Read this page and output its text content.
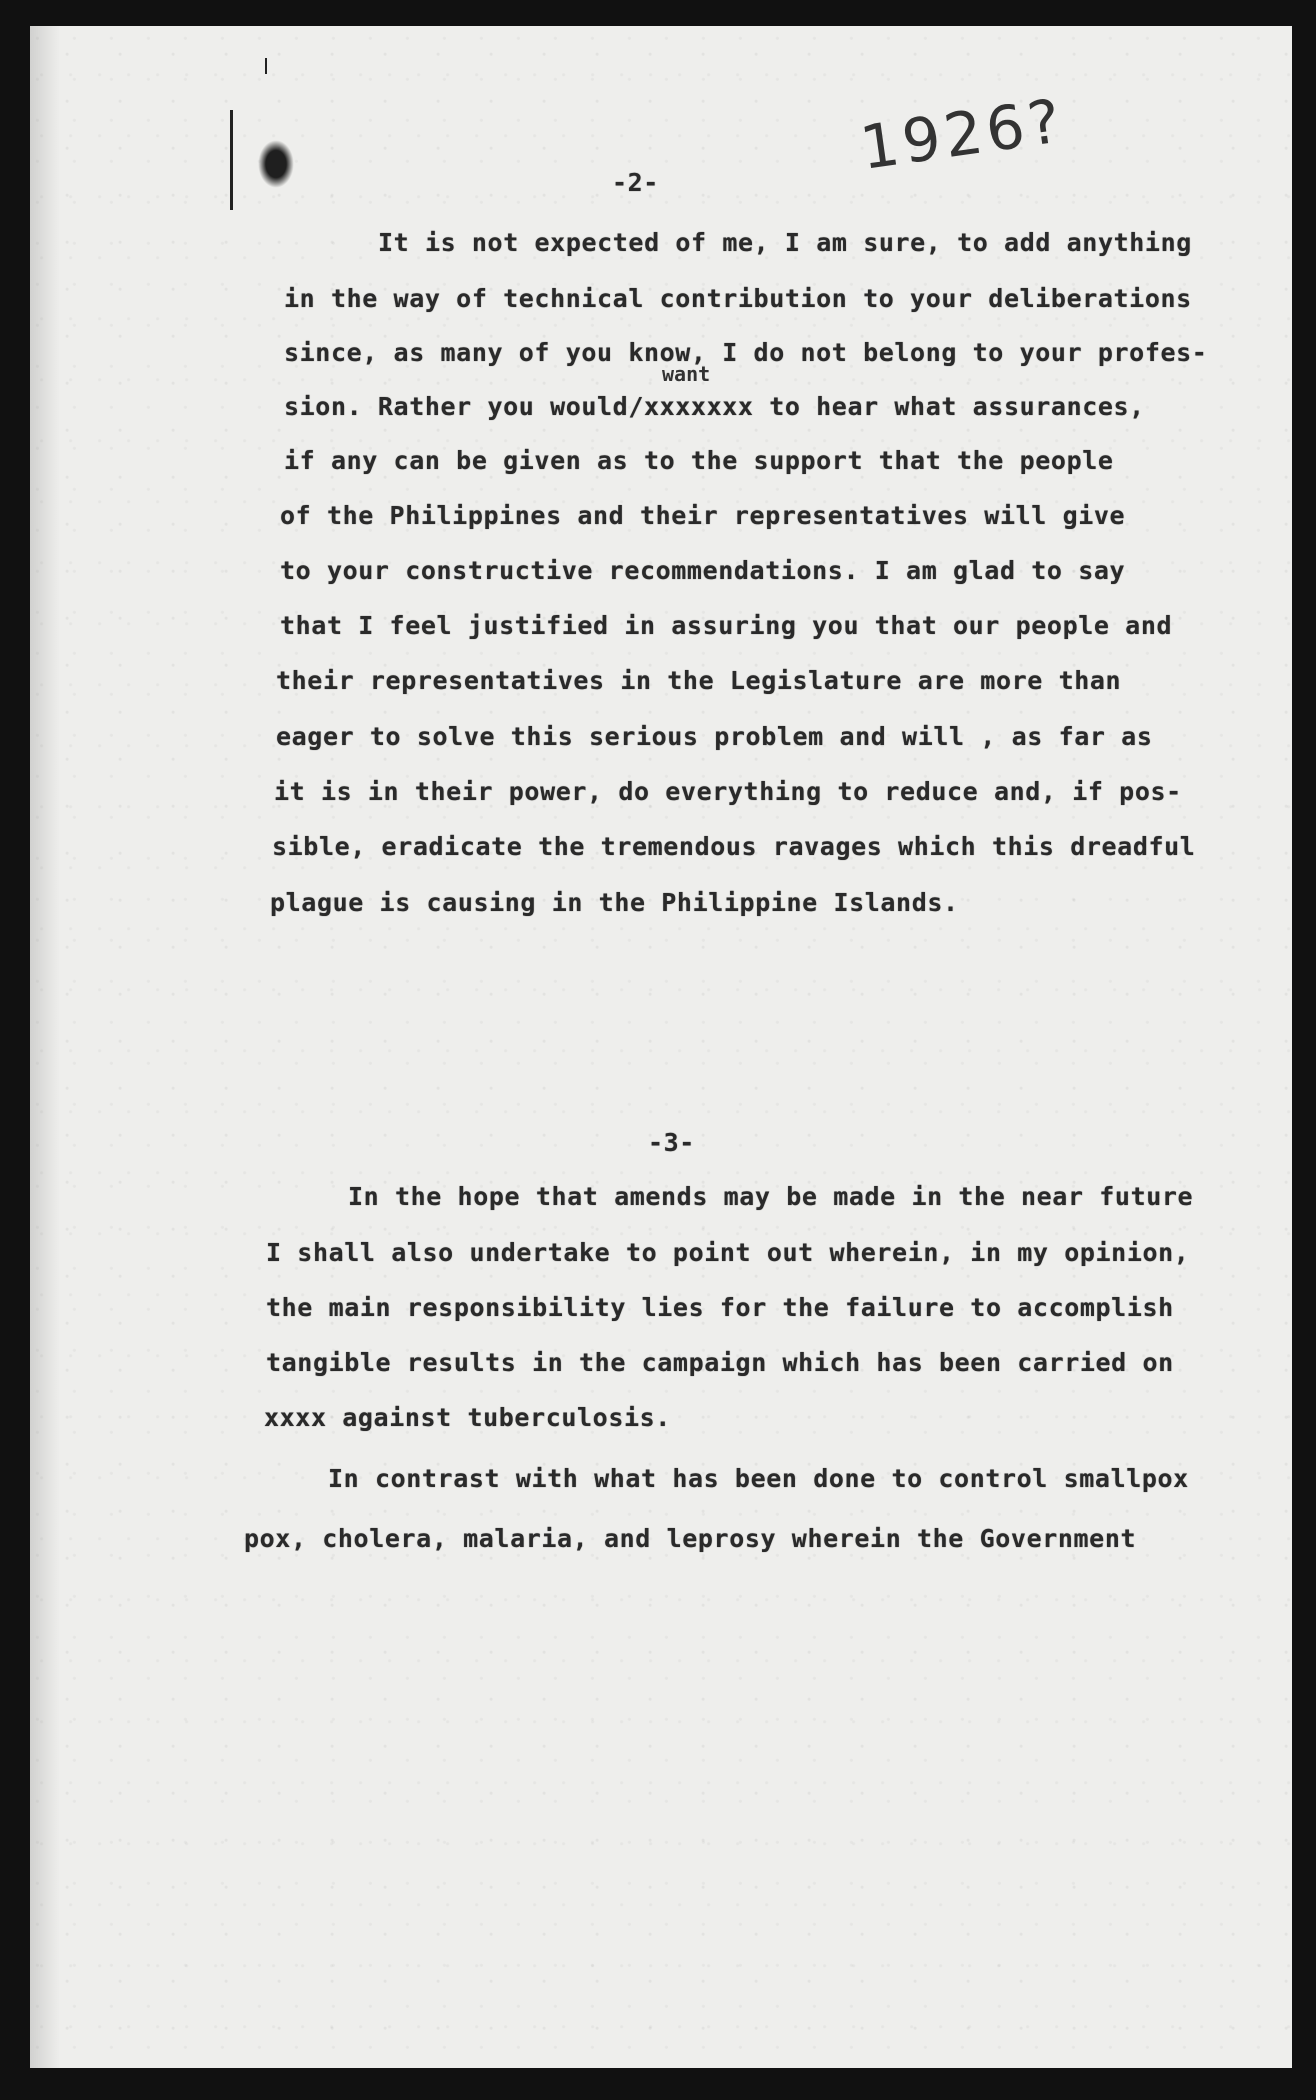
1926?
-2-
want
It is not expected of me, I am sure, to add anything
in the way of technical contribution to your deliberations
since, as many of you know, I do not belong to your profes-
sion. Rather you would/xxxxxxx to hear what assurances,
if any can be given as to the support that the people
of the Philippines and their representatives will give
to your constructive recommendations. I am glad to say
that I feel justified in assuring you that our people and
their representatives in the Legislature are more than
eager to solve this serious problem and will , as far as
it is in their power, do everything to reduce and, if pos-
sible, eradicate the tremendous ravages which this dreadful
plague is causing in the Philippine Islands.
-3-
In the hope that amends may be made in the near future
I shall also undertake to point out wherein, in my opinion,
the main responsibility lies for the failure to accomplish
tangible results in the campaign which has been carried on
xxxx against tuberculosis.
In contrast with what has been done to control smallpox
pox, cholera, malaria, and leprosy wherein the Government
